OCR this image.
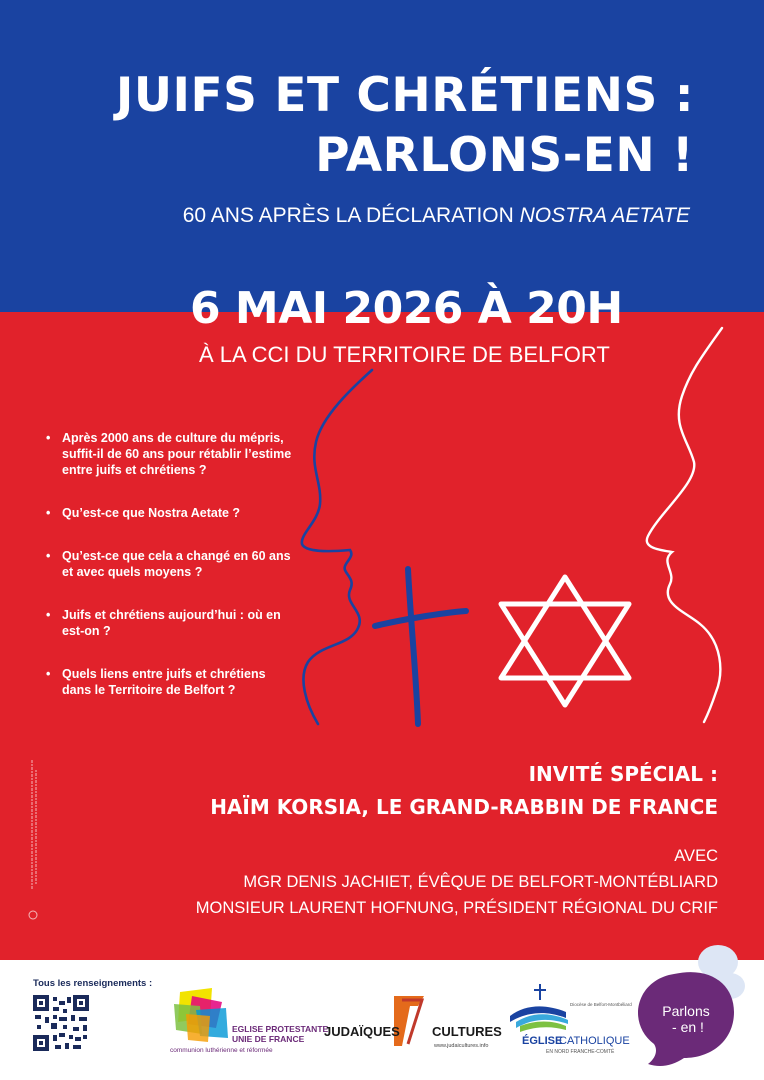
JUIFS ET CHRÉTIENS :
PARLONS-EN !
60 ANS APRÈS LA DÉCLARATION NOSTRA AETATE
6 MAI 2026 À 20H
À LA CCI DU TERRITOIRE DE BELFORT
• Après 2000 ans de culture du mépris, suffit-il de 60 ans pour rétablir l’estime entre juifs et chrétiens ?
• Qu’est-ce que Nostra Aetate ?
• Qu’est-ce que cela a changé en 60 ans et avec quels moyens ?
• Juifs et chrétiens aujourd’hui : où en est-on ?
• Quels liens entre juifs et chrétiens dans le Territoire de Belfort ?
INVITÉ SPÉCIAL :
HAÏM KORSIA, LE GRAND-RABBIN DE FRANCE
AVEC
MGR DENIS JACHIET, ÉVÊQUE DE BELFORT-MONTÉBLIARD
MONSIEUR LAURENT HOFNUNG, PRÉSIDENT RÉGIONAL DU CRIF
Tous les renseignements :
EGLISE PROTESTANTE
UNIE DE FRANCE
communion luthérienne et réformée
JUDAÏQUES CULTURES
www.judaicultures.info
Diocèse de Belfort-Montbéliard
ÉGLISE
CATHOLIQUE
EN NORD FRANCHE-COMTÉ
Parlons
- en !
